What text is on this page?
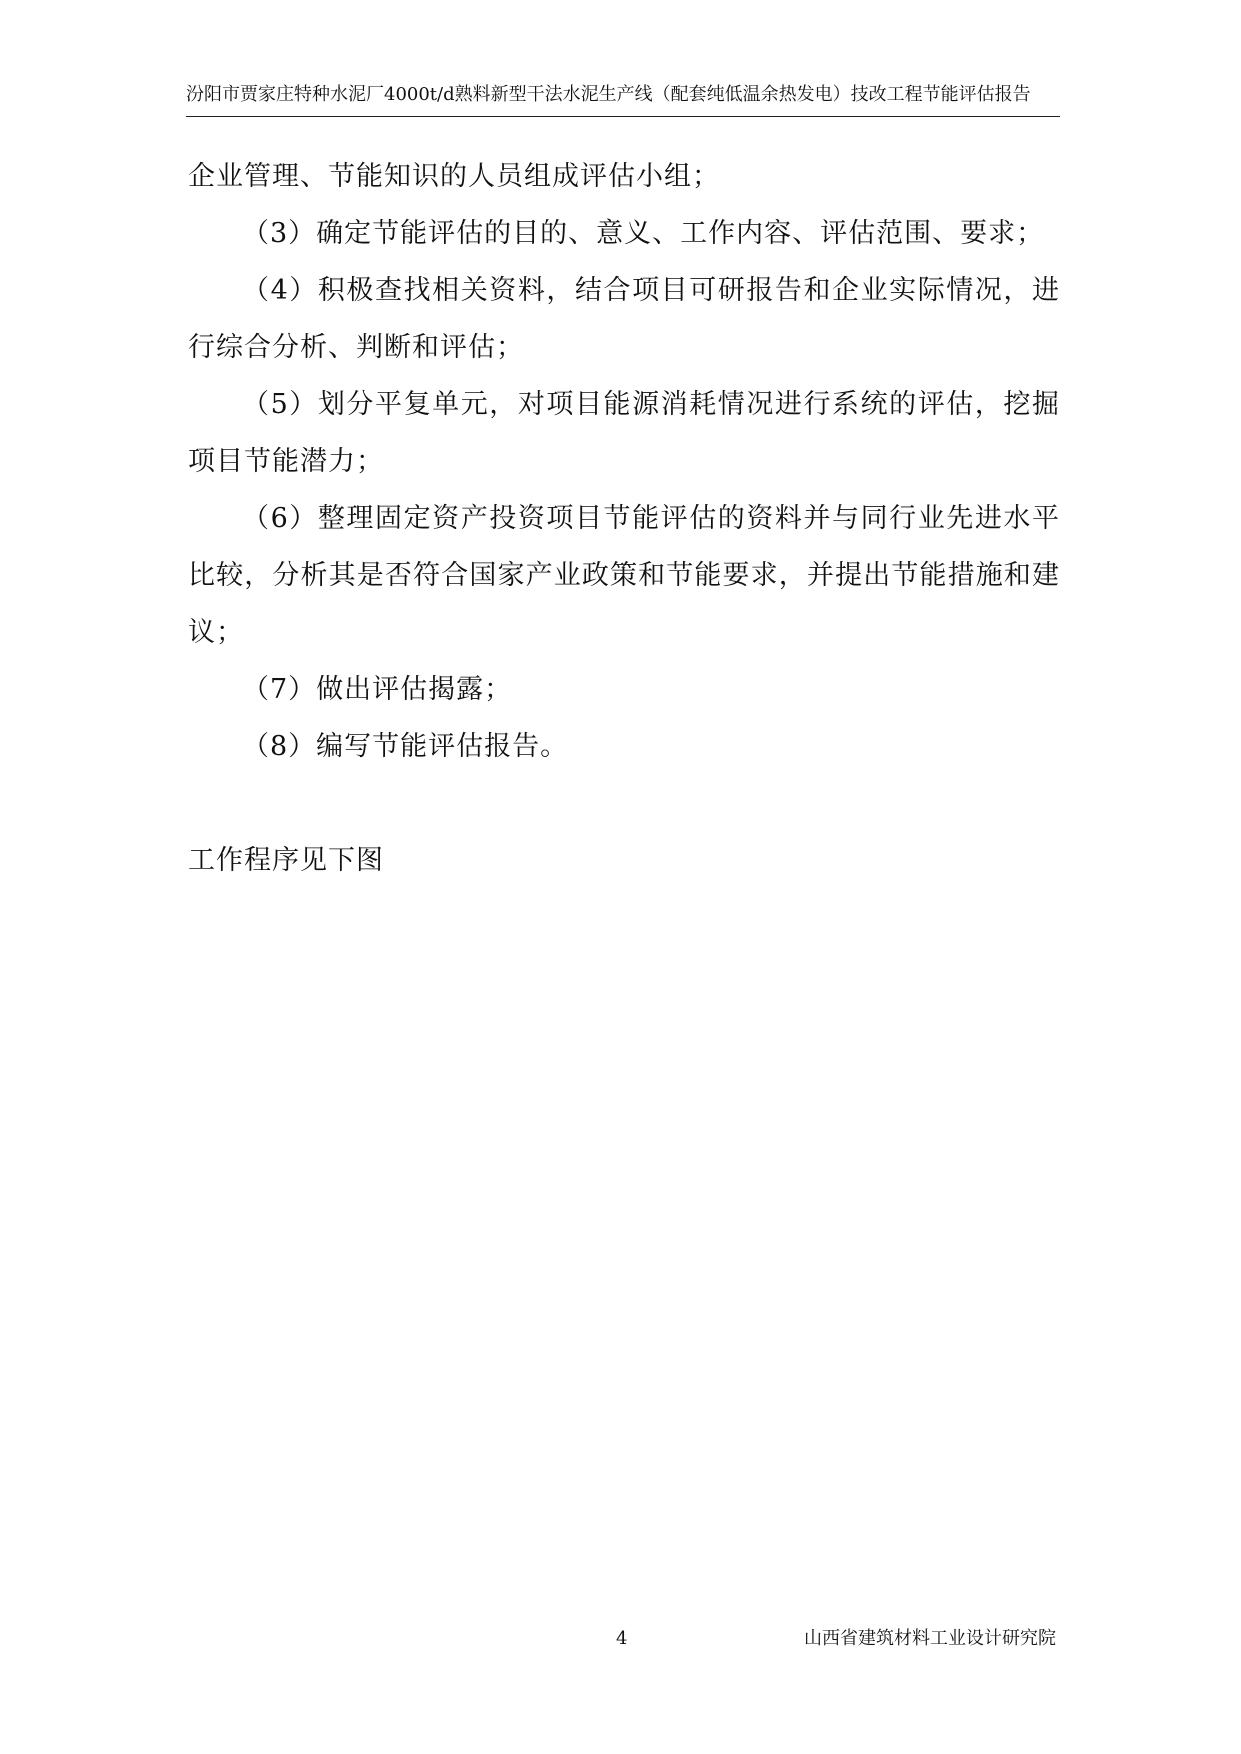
汾阳市贾家庄特种水泥厂4000t/d熟料新型干法水泥生产线（配套纯低温余热发电）技改工程节能评估报告

企业管理、节能知识的人员组成评估小组；

（3）确定节能评估的目的、意义、工作内容、评估范围、要求；

（4）积极查找相关资料，结合项目可研报告和企业实际情况，进行综合分析、判断和评估；

（5）划分平复单元，对项目能源消耗情况进行系统的评估，挖掘项目节能潜力；

（6）整理固定资产投资项目节能评估的资料并与同行业先进水平比较，分析其是否符合国家产业政策和节能要求，并提出节能措施和建议；

（7）做出评估揭露；

（8）编写节能评估报告。

工作程序见下图

4	山西省建筑材料工业设计研究院
